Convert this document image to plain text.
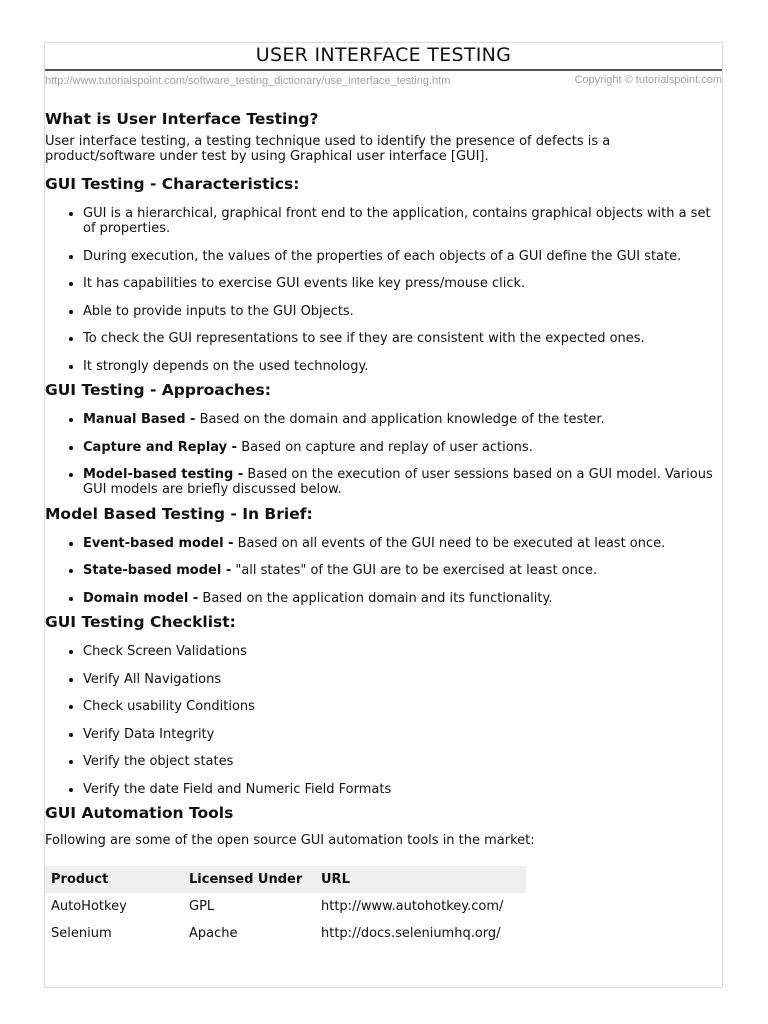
USER INTERFACE TESTING
http://www.tutorialspoint.com/software_testing_dictionary/use_interface_testing.htm	Copyright © tutorialspoint.com
What is User Interface Testing?

User interface testing, a testing technique used to identify the presence of defects is a product/software under test by using Graphical user interface [GUI].

GUI Testing - Characteristics:
GUI is a hierarchical, graphical front end to the application, contains graphical objects with a set of properties.
During execution, the values of the properties of each objects of a GUI define the GUI state.
It has capabilities to exercise GUI events like key press/mouse click.
Able to provide inputs to the GUI Objects.
To check the GUI representations to see if they are consistent with the expected ones.
It strongly depends on the used technology.
GUI Testing - Approaches:
Manual Based - Based on the domain and application knowledge of the tester.
Capture and Replay - Based on capture and replay of user actions.
Model-based testing - Based on the execution of user sessions based on a GUI model. Various GUI models are briefly discussed below.
Model Based Testing - In Brief:
Event-based model - Based on all events of the GUI need to be executed at least once.
State-based model - "all states" of the GUI are to be exercised at least once.
Domain model - Based on the application domain and its functionality.
GUI Testing Checklist:
Check Screen Validations
Verify All Navigations
Check usability Conditions
Verify Data Integrity
Verify the object states
Verify the date Field and Numeric Field Formats
GUI Automation Tools

Following are some of the open source GUI automation tools in the market:

Product	Licensed Under	URL
AutoHotkey	GPL	http://www.autohotkey.com/
Selenium	Apache	http://docs.seleniumhq.org/
